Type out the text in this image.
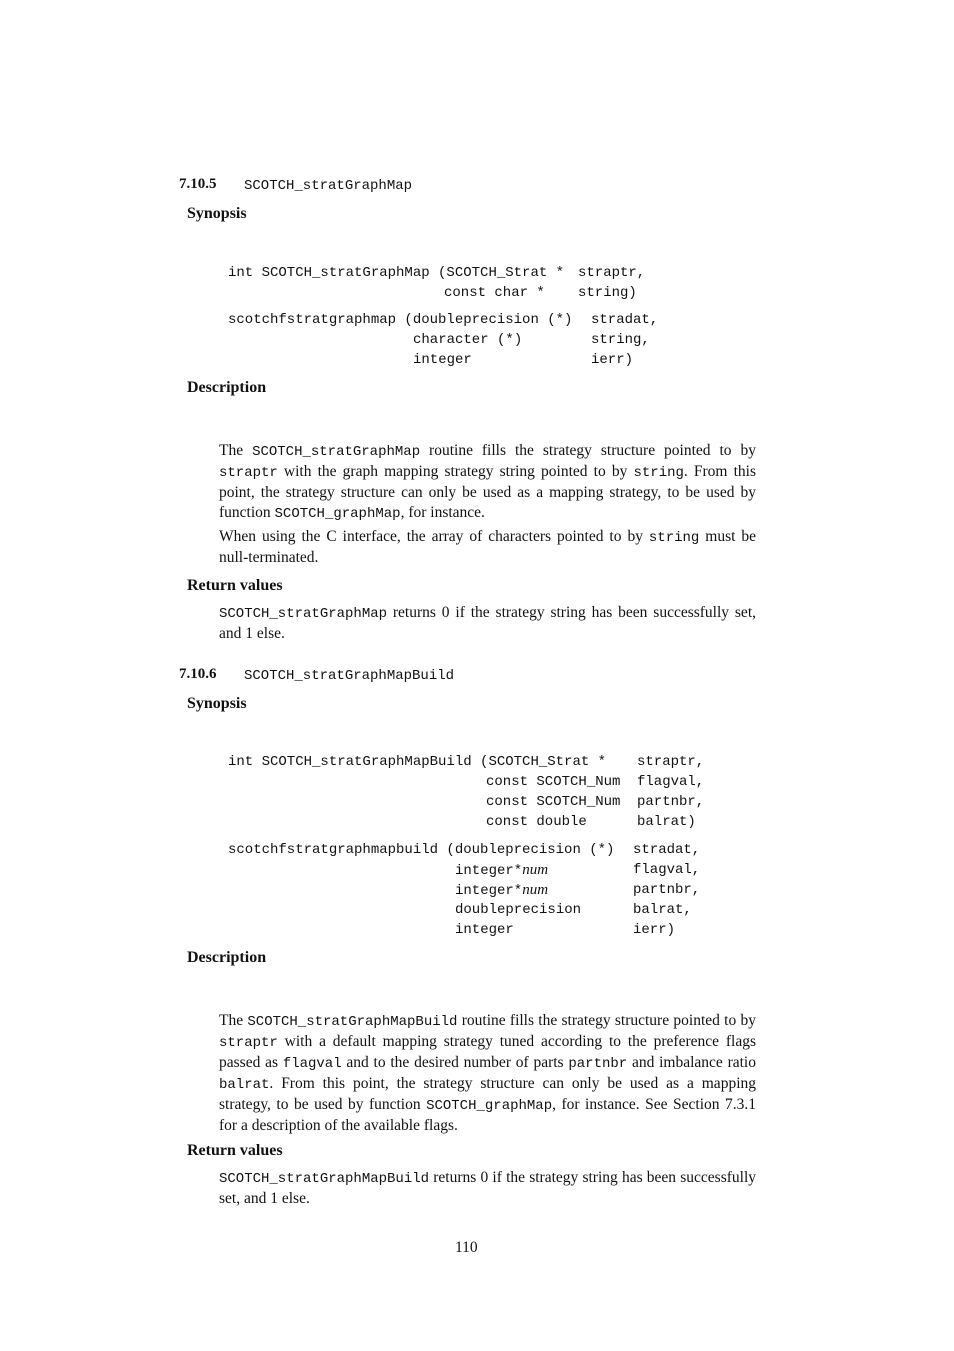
7.10.5 SCOTCH_stratGraphMap
Synopsis
int SCOTCH_stratGraphMap (SCOTCH_Strat * straptr,
const char * string)
scotchfstratgraphmap (doubleprecision (*) stradat,
character (*)	string,
integer	ierr)
Description

The SCOTCH_stratGraphMap routine fills the strategy structure pointed to by straptr with the graph mapping strategy string pointed to by string. From this point, the strategy structure can only be used as a mapping strategy, to be used by function SCOTCH_graphMap, for instance.

When using the C interface, the array of characters pointed to by string must be null-terminated.

Return values

SCOTCH_stratGraphMap returns 0 if the strategy string has been successfully set, and 1 else.

7.10.6 SCOTCH_stratGraphMapBuild
Synopsis
int SCOTCH_stratGraphMapBuild (SCOTCH_Strat * straptr,
const SCOTCH_Num flagval,
const SCOTCH_Num partnbr,
const double	balrat)
scotchfstratgraphmapbuild (doubleprecision (*) stradat,
integer*num	flagval,
integer*num	partnbr,
doubleprecision	balrat,
integer	ierr)
Description

The SCOTCH_stratGraphMapBuild routine fills the strategy structure pointed to by straptr with a default mapping strategy tuned according to the preference flags passed as flagval and to the desired number of parts partnbr and imbalance ratio balrat. From this point, the strategy structure can only be used as a mapping strategy, to be used by function SCOTCH_graphMap, for instance. See Section 7.3.1 for a description of the available flags.

Return values

SCOTCH_stratGraphMapBuild returns 0 if the strategy string has been successfully set, and 1 else.

110
